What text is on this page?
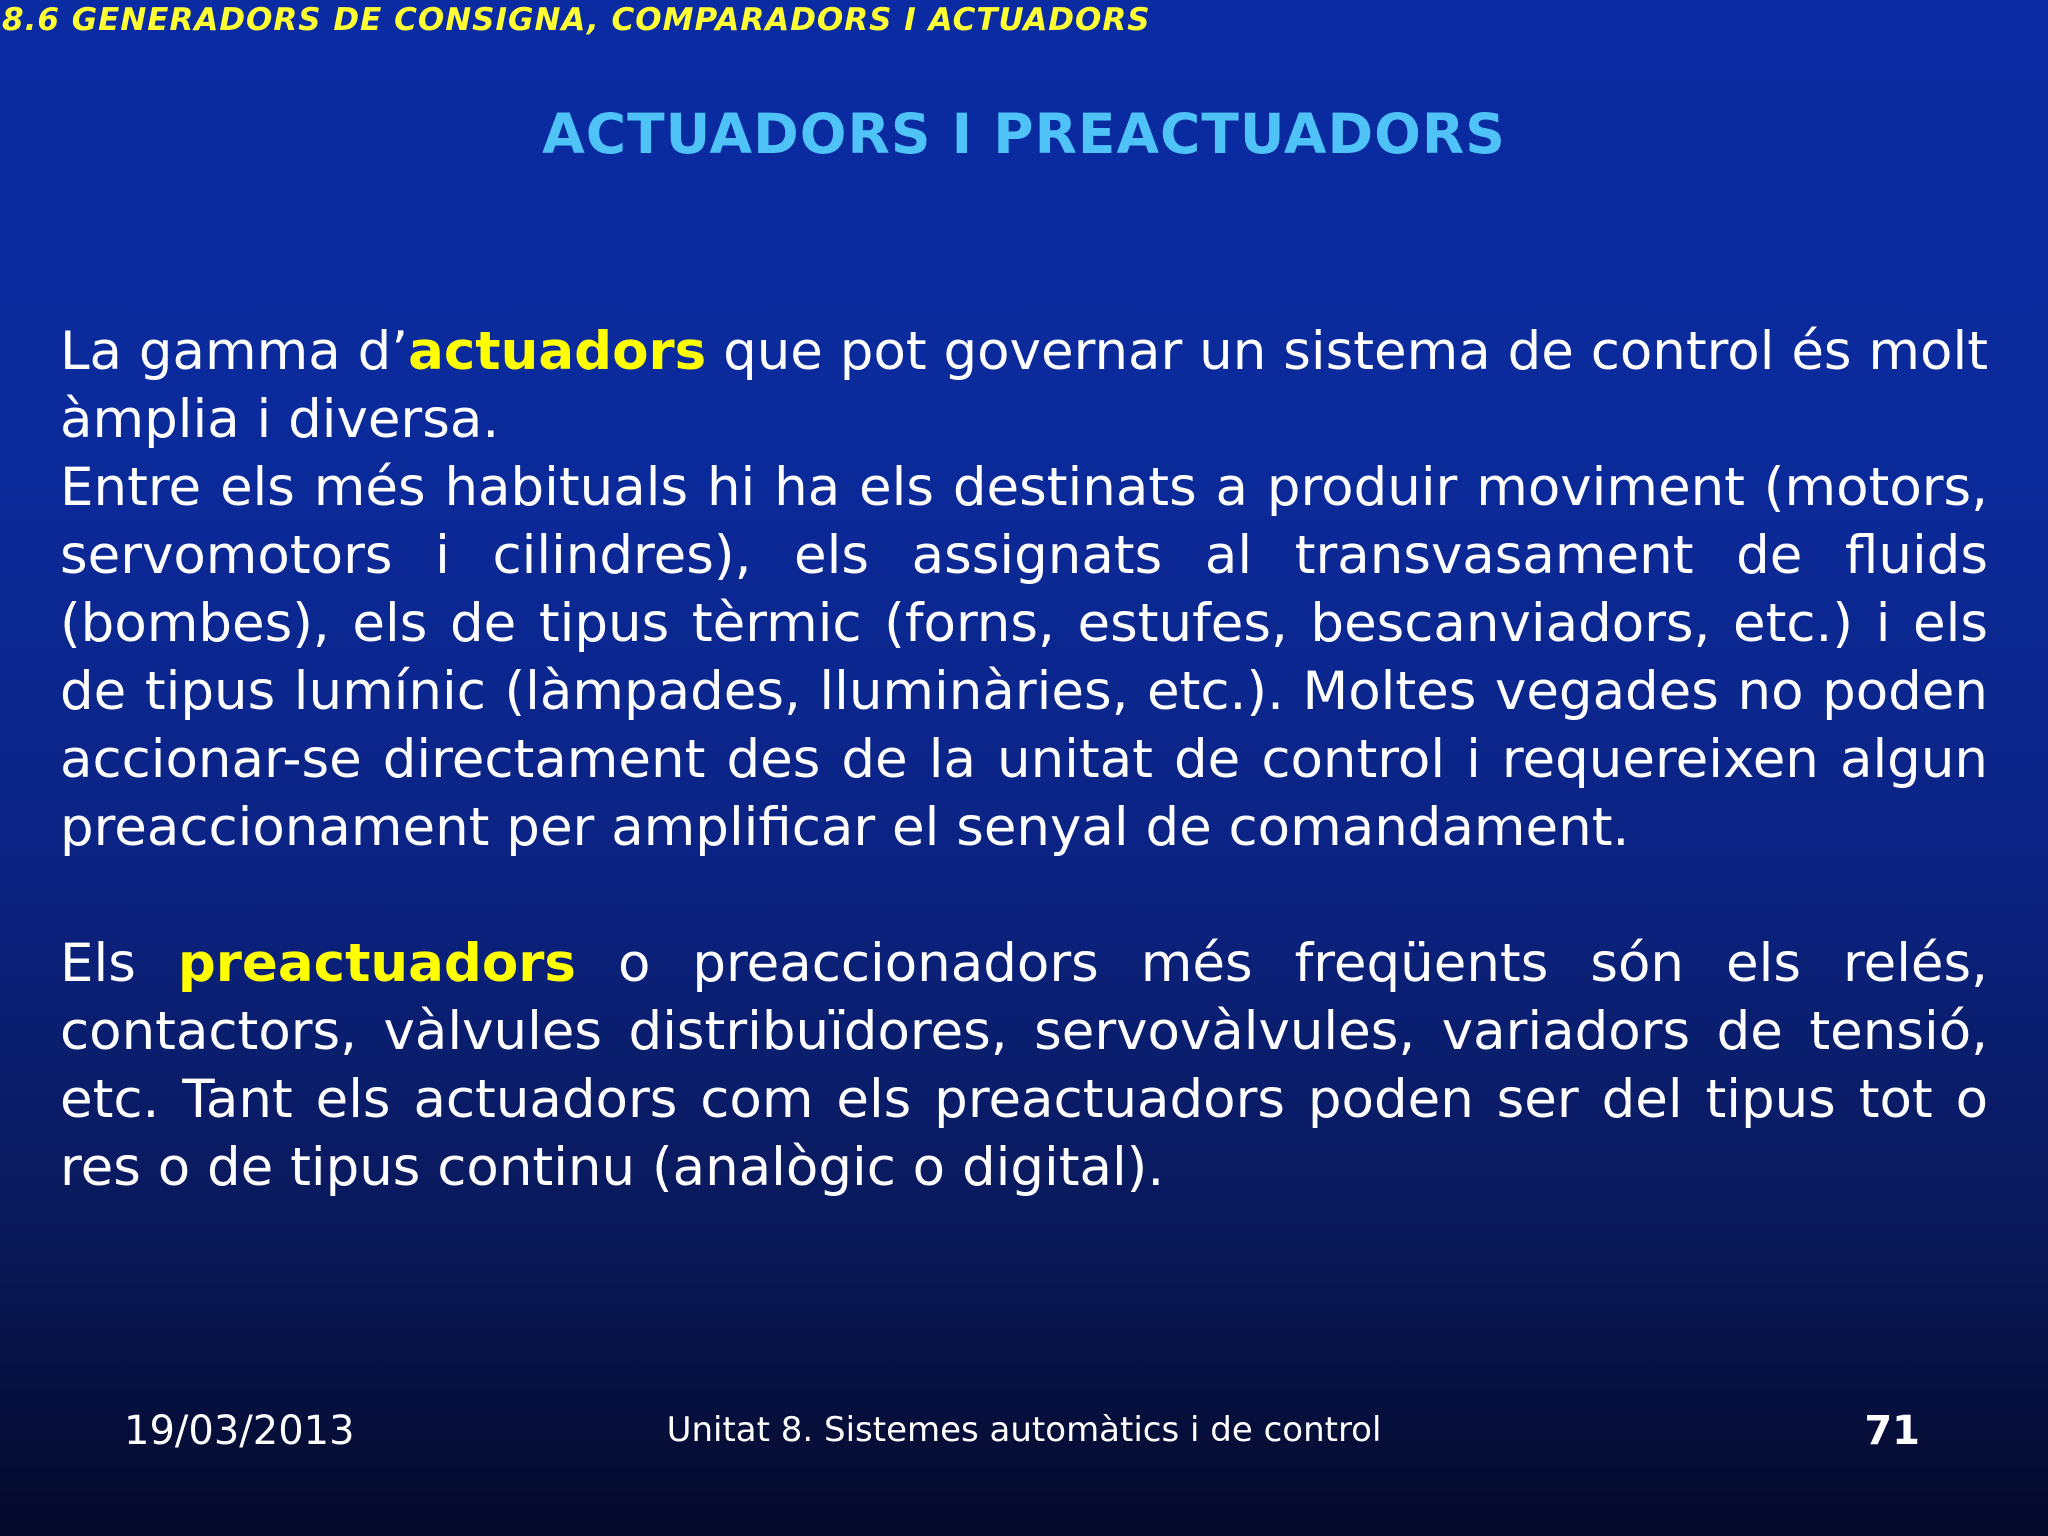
8.6 GENERADORS DE CONSIGNA, COMPARADORS I ACTUADORS
ACTUADORS I PREACTUADORS

La gamma d’actuadors que pot governar un sistema de control és molt àmplia i diversa.

Entre els més habituals hi ha els destinats a produir moviment (motors, servomotors i cilindres), els assignats al transvasament de fluids (bombes), els de tipus tèrmic (forns, estufes, bescanviadors, etc.) i els de tipus lumínic (làmpades, lluminàries, etc.). Moltes vegades no poden accionar-se directament des de la unitat de control i requereixen algun preaccionament per amplificar el senyal de comandament.

Els preactuadors o preaccionadors més freqüents són els relés, contactors, vàlvules distribuïdores, servovàlvules, variadors de tensió, etc. Tant els actuadors com els preactuadors poden ser del tipus tot o res o de tipus continu (analògic o digital).

19/03/2013	Unitat 8. Sistemes automàtics i de control	71
